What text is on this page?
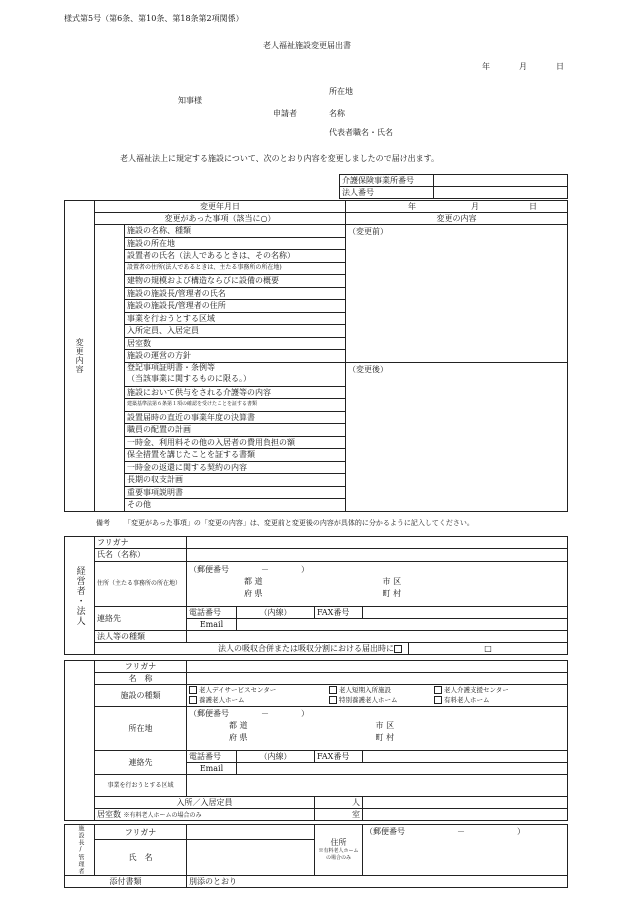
様式第5号（第6条、第10条、第18条第2項関係）
老人福祉施設変更届出書
年	月	日
知事様
所在地
申請者	名称
代表者職名・氏名
老人福祉法上に規定する施設について、次のとおり内容を変更しましたので届け出ます。
介護保険事業所番号	
法人番号	
変更内容	変更年月日		年 月 日
	変更があった事項（該当に○）		変更の内容
		施設の名称、種類	（変更前）
		施設の所在地	
		設置者の氏名（法人であるときは、その名称）	
		設置者の住所(法人であるときは、主たる事務所の所在地)	
		建物の規模および構造ならびに設備の概要	
		施設の施設長/管理者の氏名	
		施設の施設長/管理者の住所	
		事業を行おうとする区域	
		入所定員、入居定員	
		居室数	
		施設の運営の方針	
		登記事項証明書・条例等
（当該事業に関するものに限る。）	（変更後）
		施設において供与をされる介護等の内容	
		建築基準法第６条第１項の確認を受けたことを証する書類	
		設置届時の直近の事業年度の決算書	
		職員の配置の計画	
		一時金、利用料その他の入居者の費用負担の額	
		保全措置を講じたことを証する書類	
		一時金の返還に関する契約の内容	
		長期の収支計画	
		重要事項説明書	
		その他	
備考 「変更があった事項」の「変更の内容」は、変更前と変更後の内容が具体的に分かるように記入してください。
経営者・法人	フリガナ					
	氏名（名称）					
	住所（主たる事務所の所在地）	（郵便番号 － ）
都 道 市 区
府 県 町 村				

	連絡先	電話番号	（内線）	FAX番号		
		Email				
	法人等の種類					
	法人の吸収合併または吸収分割における届出時に					□
	フリガナ				
	名　称				
	施設の種類	老人デイサービスセンター 老人短期入所施設 老人介護支援センター
養護老人ホーム 特別養護老人ホーム 有料老人ホーム			

	所在地	（郵便番号 － ）
都 道 市 区
府 県 町 村			

	連絡先	電話番号	（内線）	FAX番号	
		Email			
	事業を行おうとする区域				
	入所／入居定員			人	
	居室数 ※有料老人ホームの場合のみ			室	
施設長/管理者	フリガナ		住所
※有料老人ホームの場合のみ	（郵便番号 － ）
	氏　名			
添付書類		別添のとおり		
